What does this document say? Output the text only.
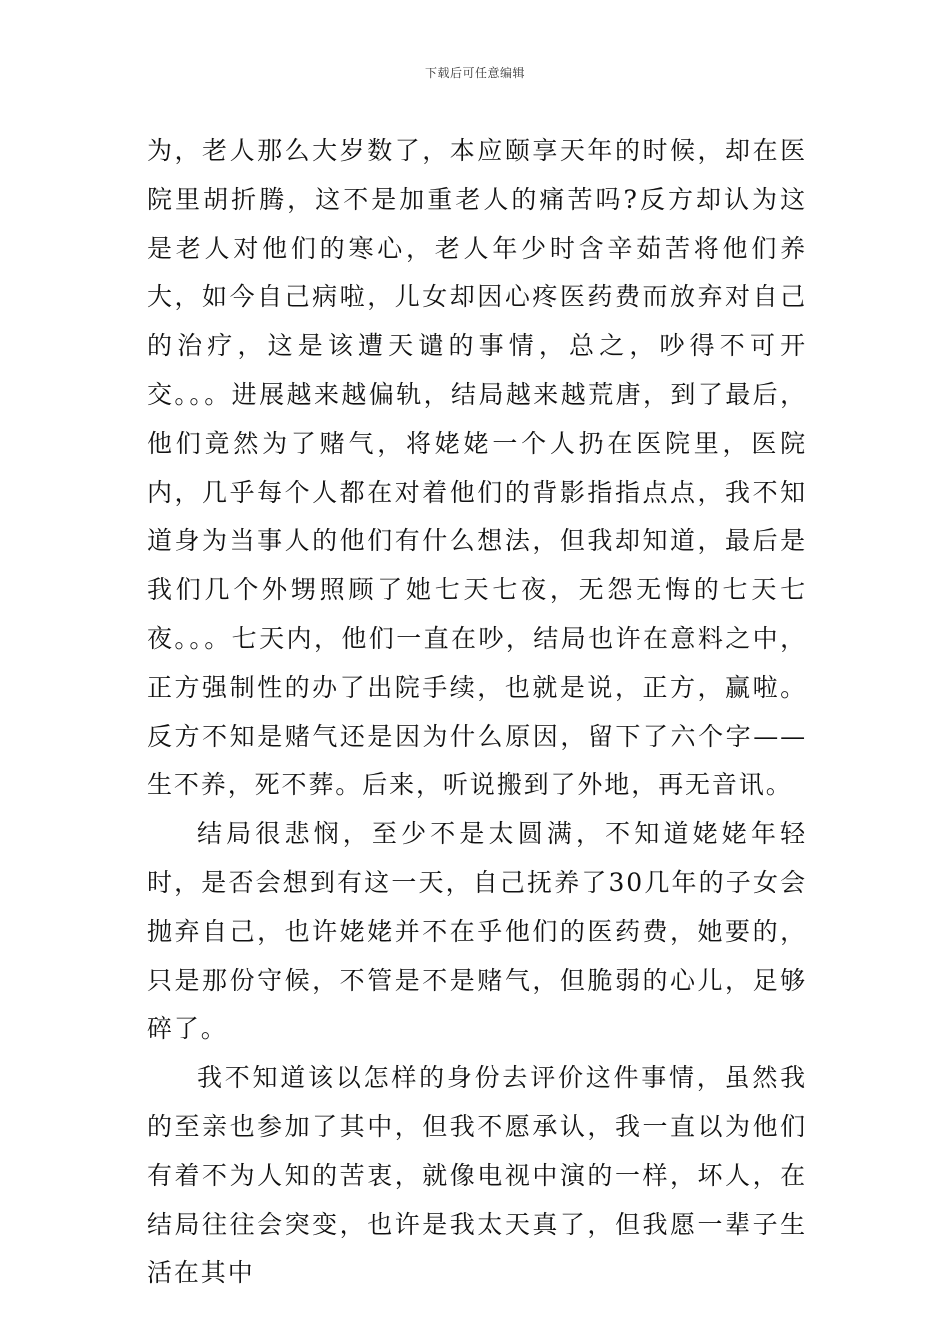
下载后可任意编辑

为，老人那么大岁数了，本应颐享天年的时候，却在医院里胡折腾，这不是加重老人的痛苦吗?反方却认为这是老人对他们的寒心，老人年少时含辛茹苦将他们养大，如今自己病啦，儿女却因心疼医药费而放弃对自己的治疗，这是该遭天谴的事情，总之，吵得不可开交。。。进展越来越偏轨，结局越来越荒唐，到了最后，他们竟然为了赌气，将姥姥一个人扔在医院里，医院内，几乎每个人都在对着他们的背影指指点点，我不知道身为当事人的他们有什么想法，但我却知道，最后是我们几个外甥照顾了她七天七夜，无怨无悔的七天七夜。。。七天内，他们一直在吵，结局也许在意料之中，正方强制性的办了出院手续，也就是说，正方，赢啦。反方不知是赌气还是因为什么原因，留下了六个字——生不养，死不葬。后来，听说搬到了外地，再无音讯。

结局很悲悯，至少不是太圆满，不知道姥姥年轻时，是否会想到有这一天，自己抚养了30几年的子女会抛弃自己，也许姥姥并不在乎他们的医药费，她要的，只是那份守候，不管是不是赌气，但脆弱的心儿，足够碎了。

我不知道该以怎样的身份去评价这件事情，虽然我的至亲也参加了其中，但我不愿承认，我一直以为他们有着不为人知的苦衷，就像电视中演的一样，坏人，在结局往往会突变，也许是我太天真了，但我愿一辈子生活在其中
